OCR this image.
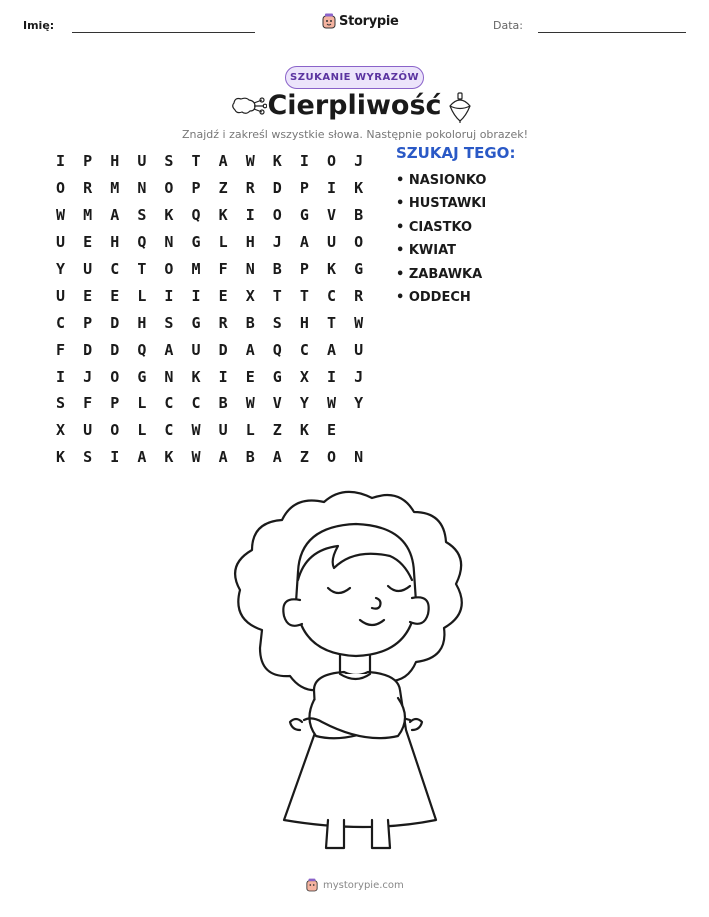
Imię:	Storypie	Data:
SZUKANIE WYRAZÓW
Cierpliwość
Znajdź i zakreśl wszystkie słowa. Następnie pokoloruj obrazek!
I	P	H	U	S	T	A	W	K	I	O	J
O	R	M	N	O	P	Z	R	D	P	I	K
W	M	A	S	K	Q	K	I	O	G	V	B
U	E	H	Q	N	G	L	H	J	A	U	O
Y	U	C	T	O	M	F	N	B	P	K	G
U	E	E	L	I	I	E	X	T	T	C	R
C	P	D	H	S	G	R	B	S	H	T	W
F	D	D	Q	A	U	D	A	Q	C	A	U
I	J	O	G	N	K	I	E	G	X	I	J
S	F	P	L	C	C	B	W	V	Y	W	Y
X	U	O	L	C	W	U	L	Z	K	E
K	S	I	A	K	W	A	B	A	Z	O	N
SZUKAJ TEGO:
• NASIONKO
• HUSTAWKI
• CIASTKO
• KWIAT
• ZABAWKA
• ODDECH
mystorypie.com
